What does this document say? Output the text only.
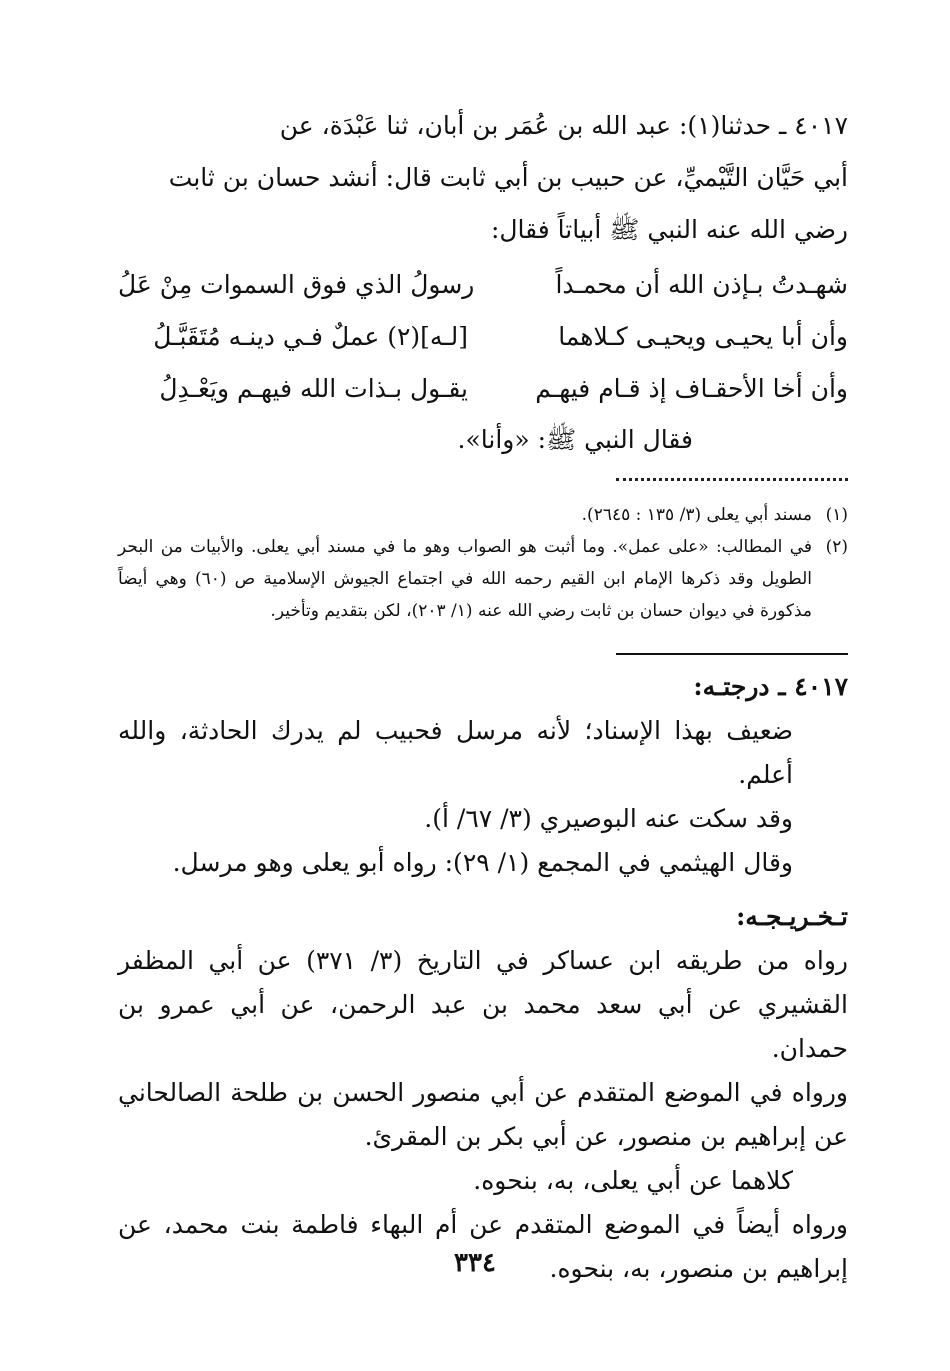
٤٠١٧ ـ حدثنا(١): عبد الله بن عُمَر بن أبان، ثنا عَبْدَة، عن
أبي حَيَّان التَّيْميِّ، عن حبيب بن أبي ثابت قال: أنشد حسان بن ثابت
رضي الله عنه النبي ﷺ أبياتاً فقال:

شهـدتُ بـإذن الله أن محمـداً
رسولُ الذي فوق السموات مِنْ عَلُ
وأن أبا يحيـى ويحيـى كـلاهما
[لـه](٢) عملٌ فـي دينـه مُتَقَبَّـلُ
وأن أخا الأحقـاف إذ قـام فيهـم
يقـول بـذات الله فيهـم ويَعْـدِلُ

فقال النبي ﷺ: «وأنا».

(١)
مسند أبي يعلى (٣/ ١٣٥ : ٢٦٤٥).
(٢)
في المطالب: «على عمل». وما أثبت هو الصواب وهو ما في مسند أبي يعلى. والأبيات من البحر الطويل وقد ذكرها الإمام ابن القيم رحمه الله في اجتماع الجيوش الإسلامية ص (٦٠) وهي أيضاً مذكورة في ديوان حسان بن ثابت رضي الله عنه (١/ ٢٠٣)، لكن بتقديم وتأخير.
٤٠١٧ ـ درجتـه:
ضعيف بهذا الإسناد؛ لأنه مرسل فحبيب لم يدرك الحادثة، والله أعلم.
وقد سكت عنه البوصيري (٣/ ٦٧/ أ).
وقال الهيثمي في المجمع (١/ ٢٩): رواه أبو يعلى وهو مرسل.
تـخـريـجـه:
رواه من طريقه ابن عساكر في التاريخ (٣/ ٣٧١) عن أبي المظفر القشيري عن أبي سعد محمد بن عبد الرحمن، عن أبي عمرو بن حمدان.
ورواه في الموضع المتقدم عن أبي منصور الحسن بن طلحة الصالحاني عن إبراهيم بن منصور، عن أبي بكر بن المقرئ.
كلاهما عن أبي يعلى، به، بنحوه.
ورواه أيضاً في الموضع المتقدم عن أم البهاء فاطمة بنت محمد، عن إبراهيم بن منصور، به، بنحوه.
٣٣٤
